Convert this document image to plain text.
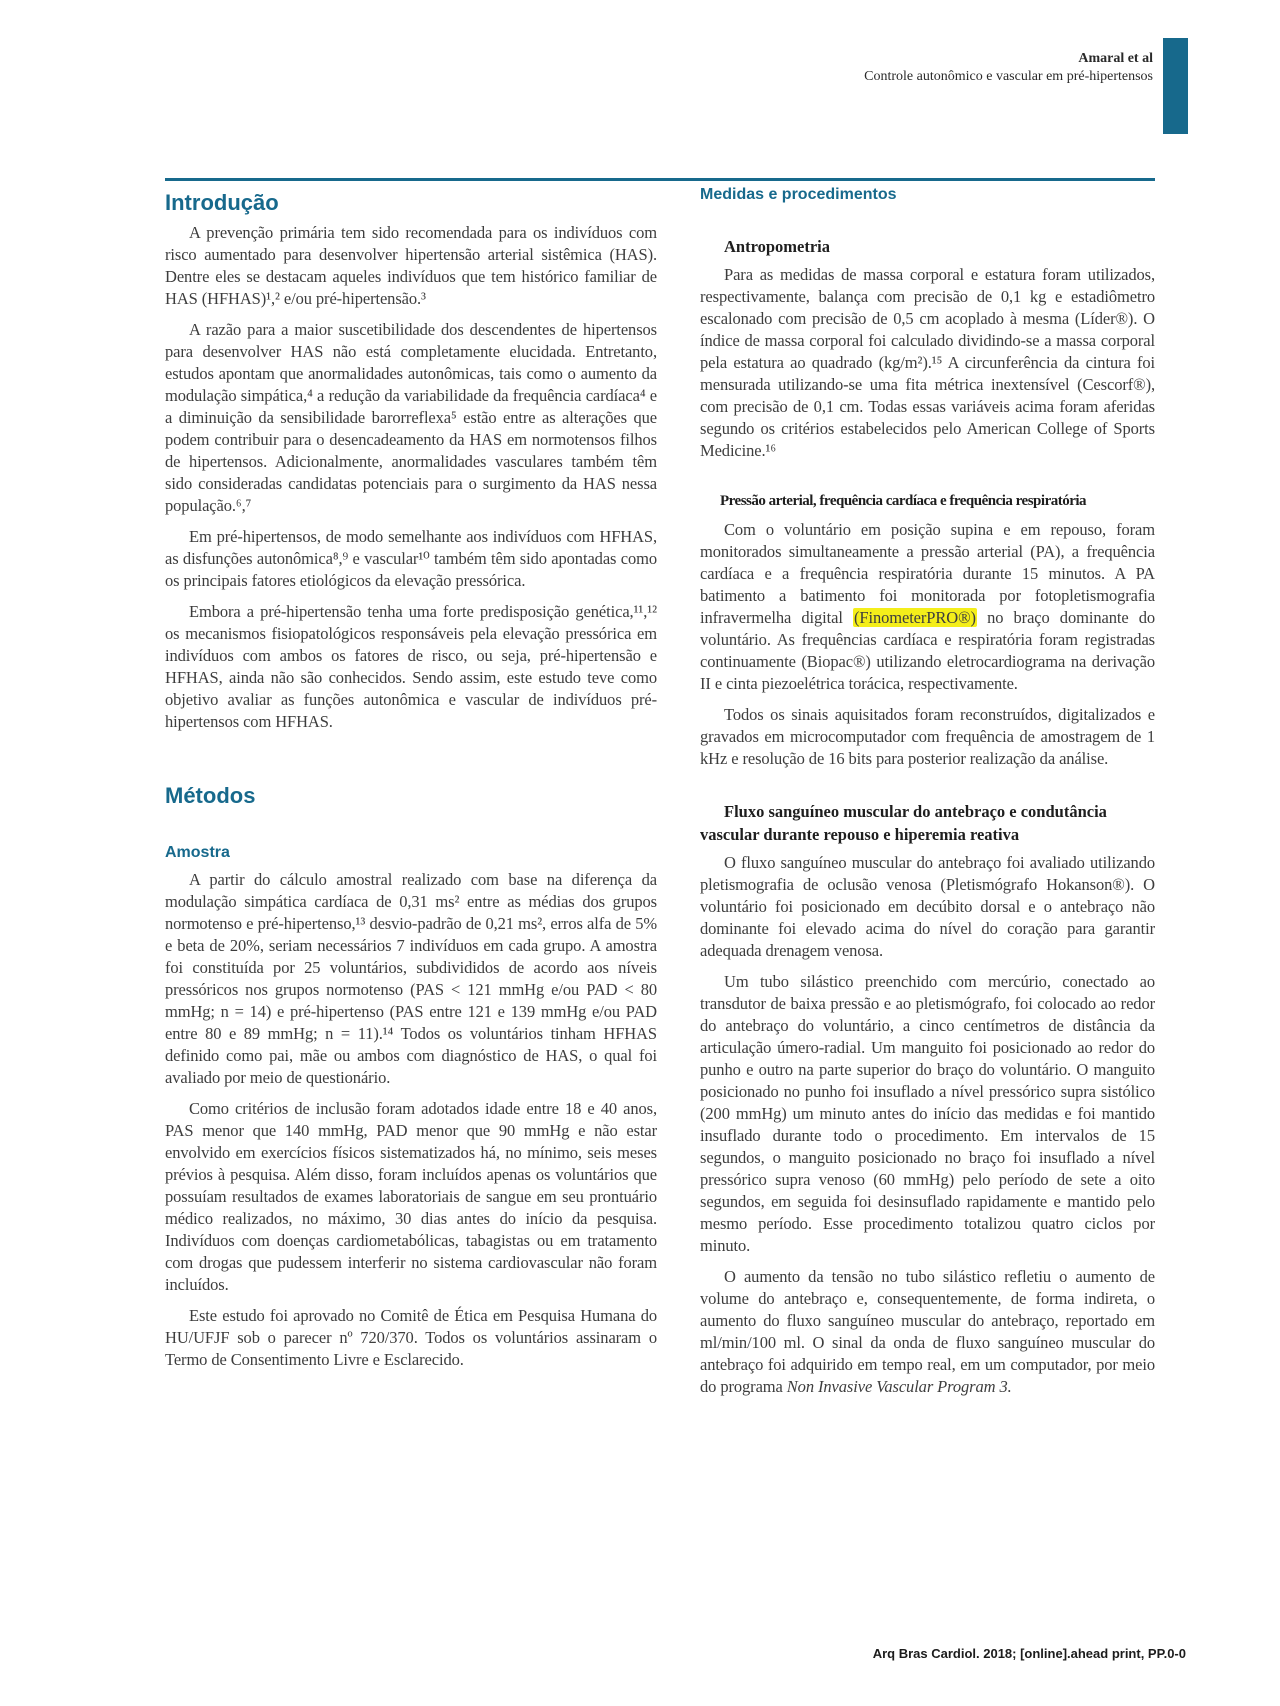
Amaral et al
Controle autonômico e vascular em pré-hipertensos
Introdução

A prevenção primária tem sido recomendada para os indivíduos com risco aumentado para desenvolver hipertensão arterial sistêmica (HAS). Dentre eles se destacam aqueles indivíduos que tem histórico familiar de HAS (HFHAS)¹,² e/ou pré-hipertensão.³

A razão para a maior suscetibilidade dos descendentes de hipertensos para desenvolver HAS não está completamente elucidada. Entretanto, estudos apontam que anormalidades autonômicas, tais como o aumento da modulação simpática,⁴ a redução da variabilidade da frequência cardíaca⁴ e a diminuição da sensibilidade barorreflexa⁵ estão entre as alterações que podem contribuir para o desencadeamento da HAS em normotensos filhos de hipertensos. Adicionalmente, anormalidades vasculares também têm sido consideradas candidatas potenciais para o surgimento da HAS nessa população.⁶,⁷

Em pré-hipertensos, de modo semelhante aos indivíduos com HFHAS, as disfunções autonômica⁸,⁹ e vascular¹⁰ também têm sido apontadas como os principais fatores etiológicos da elevação pressórica.

Embora a pré-hipertensão tenha uma forte predisposição genética,¹¹,¹² os mecanismos fisiopatológicos responsáveis pela elevação pressórica em indivíduos com ambos os fatores de risco, ou seja, pré-hipertensão e HFHAS, ainda não são conhecidos. Sendo assim, este estudo teve como objetivo avaliar as funções autonômica e vascular de indivíduos pré-hipertensos com HFHAS.

Métodos
Amostra

A partir do cálculo amostral realizado com base na diferença da modulação simpática cardíaca de 0,31 ms² entre as médias dos grupos normotenso e pré-hipertenso,¹³ desvio-padrão de 0,21 ms², erros alfa de 5% e beta de 20%, seriam necessários 7 indivíduos em cada grupo. A amostra foi constituída por 25 voluntários, subdivididos de acordo aos níveis pressóricos nos grupos normotenso (PAS < 121 mmHg e/ou PAD < 80 mmHg; n = 14) e pré-hipertenso (PAS entre 121 e 139 mmHg e/ou PAD entre 80 e 89 mmHg; n = 11).¹⁴ Todos os voluntários tinham HFHAS definido como pai, mãe ou ambos com diagnóstico de HAS, o qual foi avaliado por meio de questionário.

Como critérios de inclusão foram adotados idade entre 18 e 40 anos, PAS menor que 140 mmHg, PAD menor que 90 mmHg e não estar envolvido em exercícios físicos sistematizados há, no mínimo, seis meses prévios à pesquisa. Além disso, foram incluídos apenas os voluntários que possuíam resultados de exames laboratoriais de sangue em seu prontuário médico realizados, no máximo, 30 dias antes do início da pesquisa. Indivíduos com doenças cardiometabólicas, tabagistas ou em tratamento com drogas que pudessem interferir no sistema cardiovascular não foram incluídos.

Este estudo foi aprovado no Comitê de Ética em Pesquisa Humana do HU/UFJF sob o parecer nº 720/370. Todos os voluntários assinaram o Termo de Consentimento Livre e Esclarecido.

Medidas e procedimentos
Antropometria

Para as medidas de massa corporal e estatura foram utilizados, respectivamente, balança com precisão de 0,1 kg e estadiômetro escalonado com precisão de 0,5 cm acoplado à mesma (Líder®). O índice de massa corporal foi calculado dividindo-se a massa corporal pela estatura ao quadrado (kg/m²).¹⁵ A circunferência da cintura foi mensurada utilizando-se uma fita métrica inextensível (Cescorf®), com precisão de 0,1 cm. Todas essas variáveis acima foram aferidas segundo os critérios estabelecidos pelo American College of Sports Medicine.¹⁶

Pressão arterial, frequência cardíaca e frequência respiratória

Com o voluntário em posição supina e em repouso, foram monitorados simultaneamente a pressão arterial (PA), a frequência cardíaca e a frequência respiratória durante 15 minutos. A PA batimento a batimento foi monitorada por fotopletismografia infravermelha digital (FinometerPRO®) no braço dominante do voluntário. As frequências cardíaca e respiratória foram registradas continuamente (Biopac®) utilizando eletrocardiograma na derivação II e cinta piezoelétrica torácica, respectivamente.

Todos os sinais aquisitados foram reconstruídos, digitalizados e gravados em microcomputador com frequência de amostragem de 1 kHz e resolução de 16 bits para posterior realização da análise.

Fluxo sanguíneo muscular do antebraço e condutância vascular durante repouso e hiperemia reativa

O fluxo sanguíneo muscular do antebraço foi avaliado utilizando pletismografia de oclusão venosa (Pletismógrafo Hokanson®). O voluntário foi posicionado em decúbito dorsal e o antebraço não dominante foi elevado acima do nível do coração para garantir adequada drenagem venosa.

Um tubo silástico preenchido com mercúrio, conectado ao transdutor de baixa pressão e ao pletismógrafo, foi colocado ao redor do antebraço do voluntário, a cinco centímetros de distância da articulação úmero-radial. Um manguito foi posicionado ao redor do punho e outro na parte superior do braço do voluntário. O manguito posicionado no punho foi insuflado a nível pressórico supra sistólico (200 mmHg) um minuto antes do início das medidas e foi mantido insuflado durante todo o procedimento. Em intervalos de 15 segundos, o manguito posicionado no braço foi insuflado a nível pressórico supra venoso (60 mmHg) pelo período de sete a oito segundos, em seguida foi desinsuflado rapidamente e mantido pelo mesmo período. Esse procedimento totalizou quatro ciclos por minuto.

O aumento da tensão no tubo silástico refletiu o aumento de volume do antebraço e, consequentemente, de forma indireta, o aumento do fluxo sanguíneo muscular do antebraço, reportado em ml/min/100 ml. O sinal da onda de fluxo sanguíneo muscular do antebraço foi adquirido em tempo real, em um computador, por meio do programa Non Invasive Vascular Program 3.

Arq Bras Cardiol. 2018; [online].ahead print, PP.0-0
